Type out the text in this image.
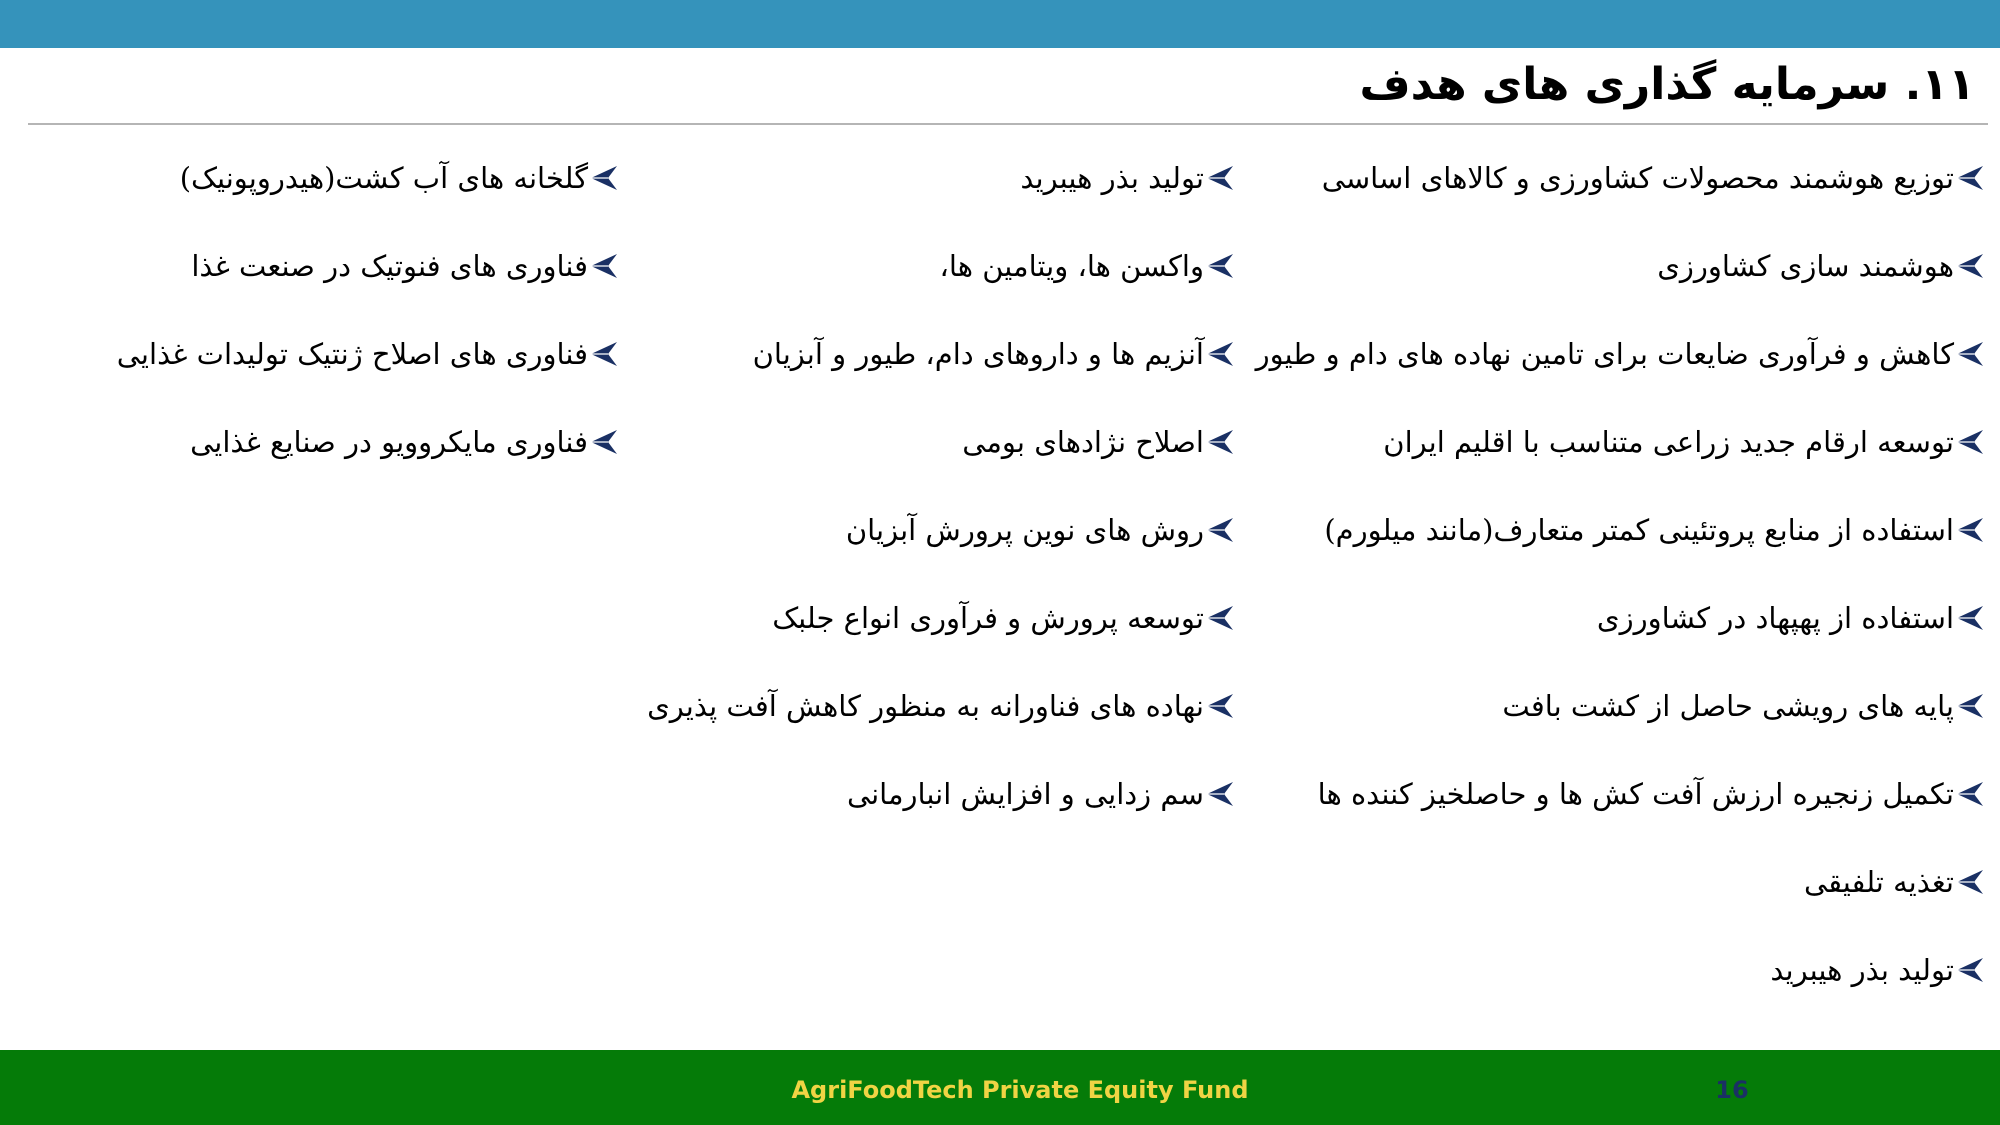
۱۱. سرمایه گذاری های هدف
توزیع هوشمند محصولات کشاورزی و کالاهای اساسی
هوشمند سازی کشاورزی
کاهش و فرآوری ضایعات برای تامین نهاده های دام و طیور
توسعه ارقام جدید زراعی متناسب با اقلیم ایران
استفاده از منابع پروتئینی کمتر متعارف(مانند میلورم)
استفاده از پهپهاد در کشاورزی
پایه های رویشی حاصل از کشت بافت
تکمیل زنجیره ارزش آفت کش ها و حاصلخیز کننده ها
تغذیه تلفیقی
تولید بذر هیبرید
تولید بذر هیبرید
واکسن ها، ویتامین ها،
آنزیم ها و داروهای دام، طیور و آبزیان
اصلاح نژادهای بومی
روش های نوین پرورش آبزیان
توسعه پرورش و فرآوری انواع جلبک
نهاده های فناورانه به منظور کاهش آفت پذیری
سم زدایی و افزایش انبارمانی
گلخانه های آب کشت(هیدروپونیک)
فناوری های فنوتیک در صنعت غذا
فناوری های اصلاح ژنتیک تولیدات غذایی
فناوری مایکروویو در صنایع غذایی
AgriFoodTech Private Equity Fund	16
